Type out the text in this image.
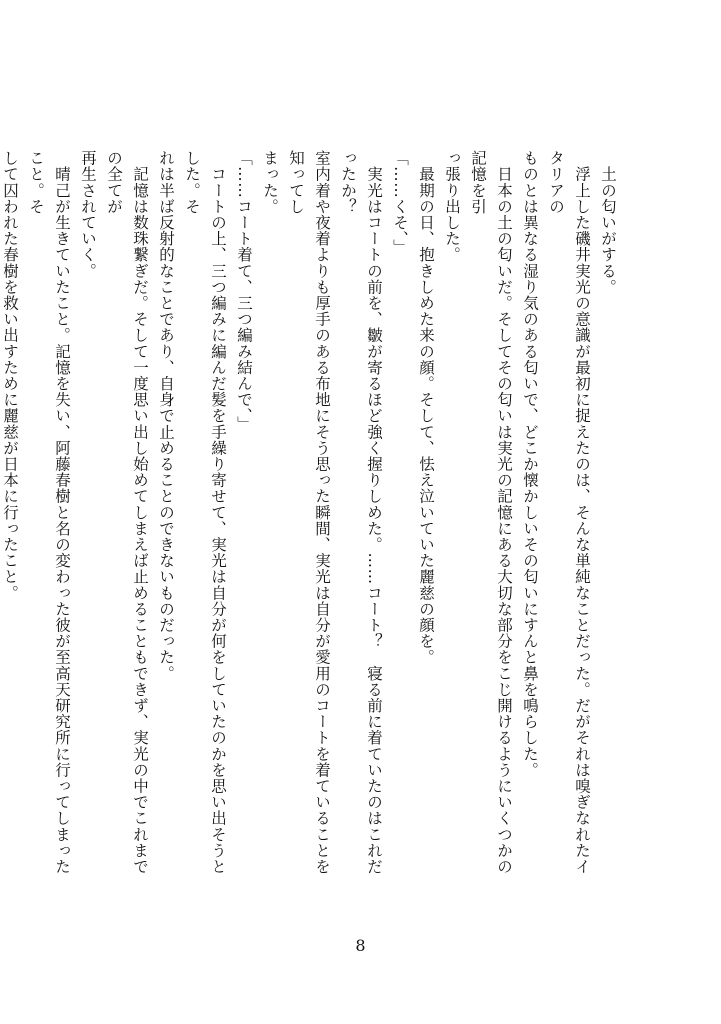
　土の匂いがする。
　浮上した磯井実光の意識が最初に捉えたのは、そんな単純なことだった。だがそれは嗅ぎなれたイタリアの
ものとは異なる湿り気のある匂いで、どこか懐かしいその匂いにすんと鼻を鳴らした。
　日本の土の匂いだ。そしてその匂いは実光の記憶にある大切な部分をこじ開けるようにいくつかの記憶を引
っ張り出した。
　最期の日、抱きしめた来の顔。そして、怯え泣いていた麗慈の顔を。
「……くそ、」
　実光はコートの前を、皺が寄るほど強く握りしめた。……コート？　寝る前に着ていたのはこれだったか？
室内着や夜着よりも厚手のある布地にそう思った瞬間、実光は自分が愛用のコートを着ていることを知ってし
まった。
「……コート着て、三つ編み結んで、」
　コートの上、三つ編みに編んだ髪を手繰り寄せて、実光は自分が何をしていたのかを思い出そうとした。そ
れは半ば反射的なことであり、自身で止めることのできないものだった。
　記憶は数珠繋ぎだ。そして一度思い出し始めてしまえば止めることもできず、実光の中でこれまでの全てが
再生されていく。
　晴己が生きていたこと。記憶を失い、阿藤春樹と名の変わった彼が至高天研究所に行ってしまったこと。そ
して囚われた春樹を救い出すために麗慈が日本に行ったこと。
8
